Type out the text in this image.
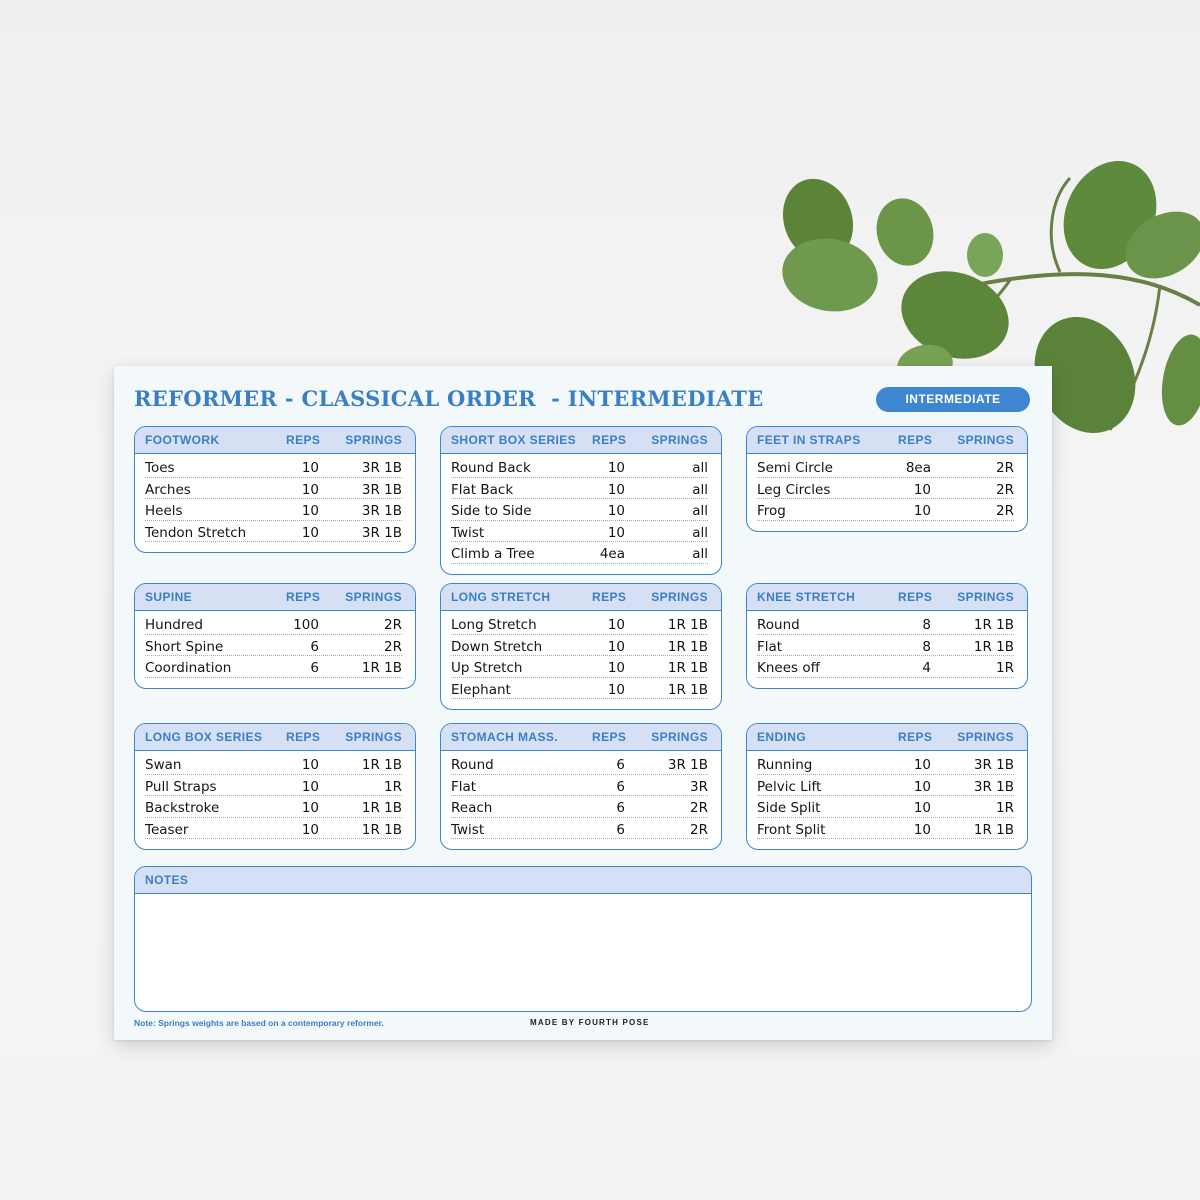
REFORMER - CLASSICAL ORDER  - INTERMEDIATE	INTERMEDIATE
FOOTWORK	REPS SPRINGS
Toes	10	3R 1B
Arches	10	3R 1B
Heels	10	3R 1B
Tendon Stretch	10	3R 1B
SHORT BOX SERIES REPS SPRINGS
Round Back	10	all
Flat Back	10	all
Side to Side	10	all
Twist	10	all
Climb a Tree	4ea	all
FEET IN STRAPS	REPS SPRINGS
Semi Circle	8ea	2R
Leg Circles	10	2R
Frog	10	2R
SUPINE	REPS SPRINGS
Hundred	100	2R
Short Spine	6	2R
Coordination	6	1R 1B
LONG STRETCH	REPS SPRINGS
Long Stretch	10	1R 1B
Down Stretch	10	1R 1B
Up Stretch	10	1R 1B
Elephant	10	1R 1B
KNEE STRETCH	REPS SPRINGS
Round	8	1R 1B
Flat	8	1R 1B
Knees off	4	1R
LONG BOX SERIES REPS SPRINGS
Swan	10	1R 1B
Pull Straps	10	1R
Backstroke	10	1R 1B
Teaser	10	1R 1B
STOMACH MASS.	REPS SPRINGS
Round	6	3R 1B
Flat	6	3R
Reach	6	2R
Twist	6	2R
ENDING	REPS SPRINGS
Running	10	3R 1B
Pelvic Lift	10	3R 1B
Side Split	10	1R
Front Split	10	1R 1B
NOTES
Note: Springs weights are based on a contemporary reformer.	MADE BY FOURTH POSE
